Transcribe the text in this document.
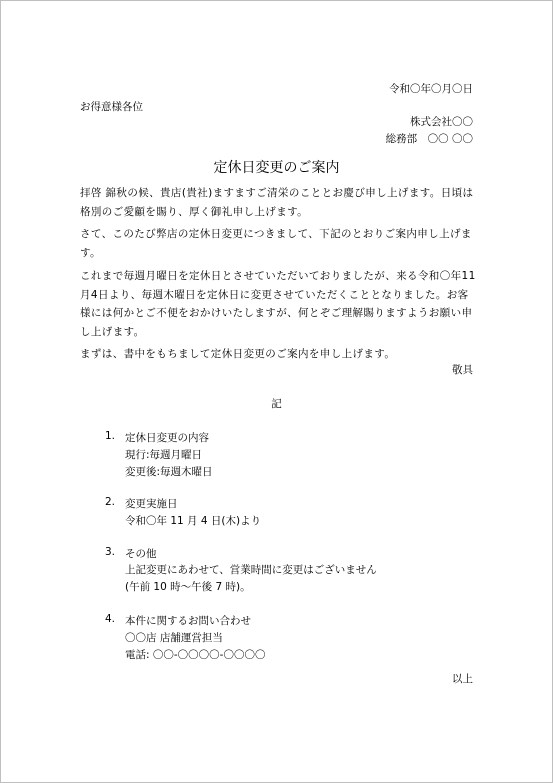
令和〇年〇月〇日
お得意様各位
株式会社〇〇
総務部　〇〇 〇〇
定休日変更のご案内
拝啓 錦秋の候、貴店(貴社)ますますご清栄のこととお慶び申し上げます。日頃は格別のご愛顧を賜り、厚く御礼申し上げます。
さて、このたび弊店の定休日変更につきまして、下記のとおりご案内申し上げます。
これまで毎週月曜日を定休日とさせていただいておりましたが、来る令和〇年11月4日より、毎週木曜日を定休日に変更させていただくこととなりました。お客様には何かとご不便をおかけいたしますが、何とぞご理解賜りますようお願い申し上げます。
まずは、書中をもちまして定休日変更のご案内を申し上げます。
敬具
記
1. 定休日変更の内容
現行:毎週月曜日
変更後:毎週木曜日
2. 変更実施日
令和〇年 11 月 4 日(木)より
3. その他
上記変更にあわせて、営業時間に変更はございません
(午前 10 時～午後 7 時)。
4. 本件に関するお問い合わせ
〇〇店 店舗運営担当
電話: 〇〇-〇〇〇〇-〇〇〇〇
以上
